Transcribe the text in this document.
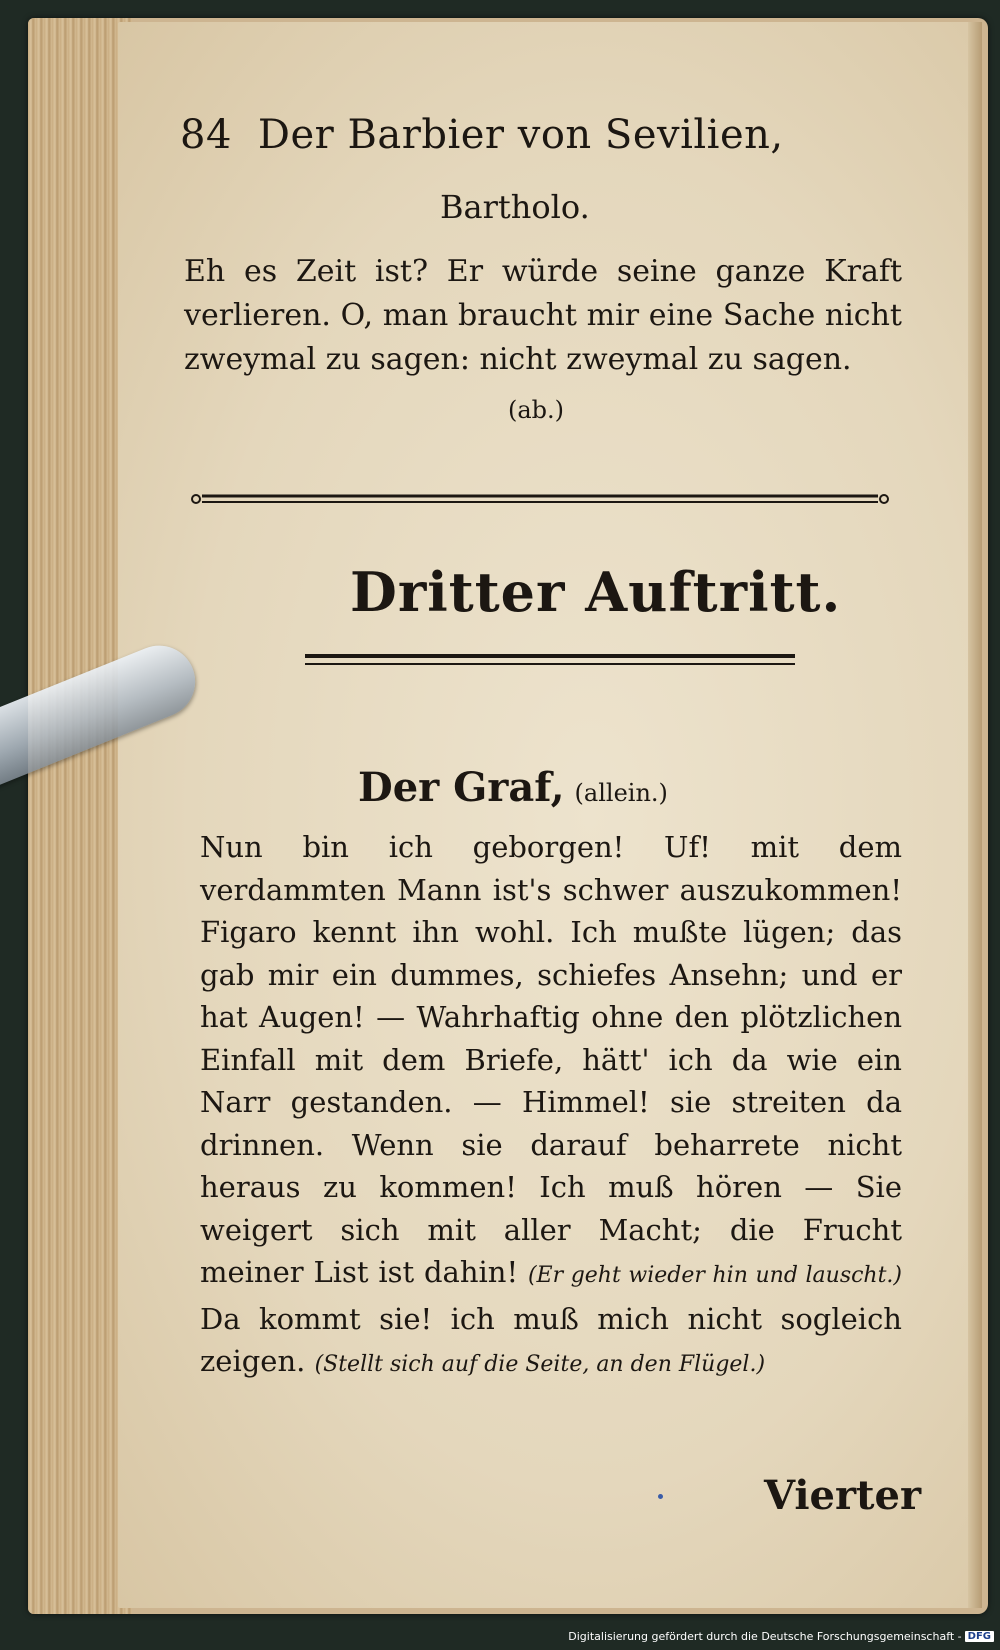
84 Der Barbier von Sevilien,
Bartholo.
Eh es Zeit ist? Er würde seine ganze Kraft verlieren. O, man braucht mir eine Sache nicht zweymal zu sagen: nicht zweymal zu sagen.
(ab.)
Dritter Auftritt.
Der Graf, (allein.)
Nun bin ich geborgen! Uf! mit dem verdammten Mann ist's schwer auszukommen! Figaro kennt ihn wohl. Ich mußte lügen; das gab mir ein dummes, schiefes Ansehn; und er hat Augen! — Wahrhaftig ohne den plötzlichen Einfall mit dem Briefe, hätt' ich da wie ein Narr gestanden. — Himmel! sie streiten da drinnen. Wenn sie darauf beharrete nicht heraus zu kommen! Ich muß hören — Sie weigert sich mit aller Macht; die Frucht meiner List ist dahin! (Er geht wieder hin und lauscht.) Da kommt sie! ich muß mich nicht sogleich zeigen. (Stellt sich auf die Seite, an den Flügel.)
Vierter
Digitalisierung gefördert durch die Deutsche Forschungsgemeinschaft - DFG
